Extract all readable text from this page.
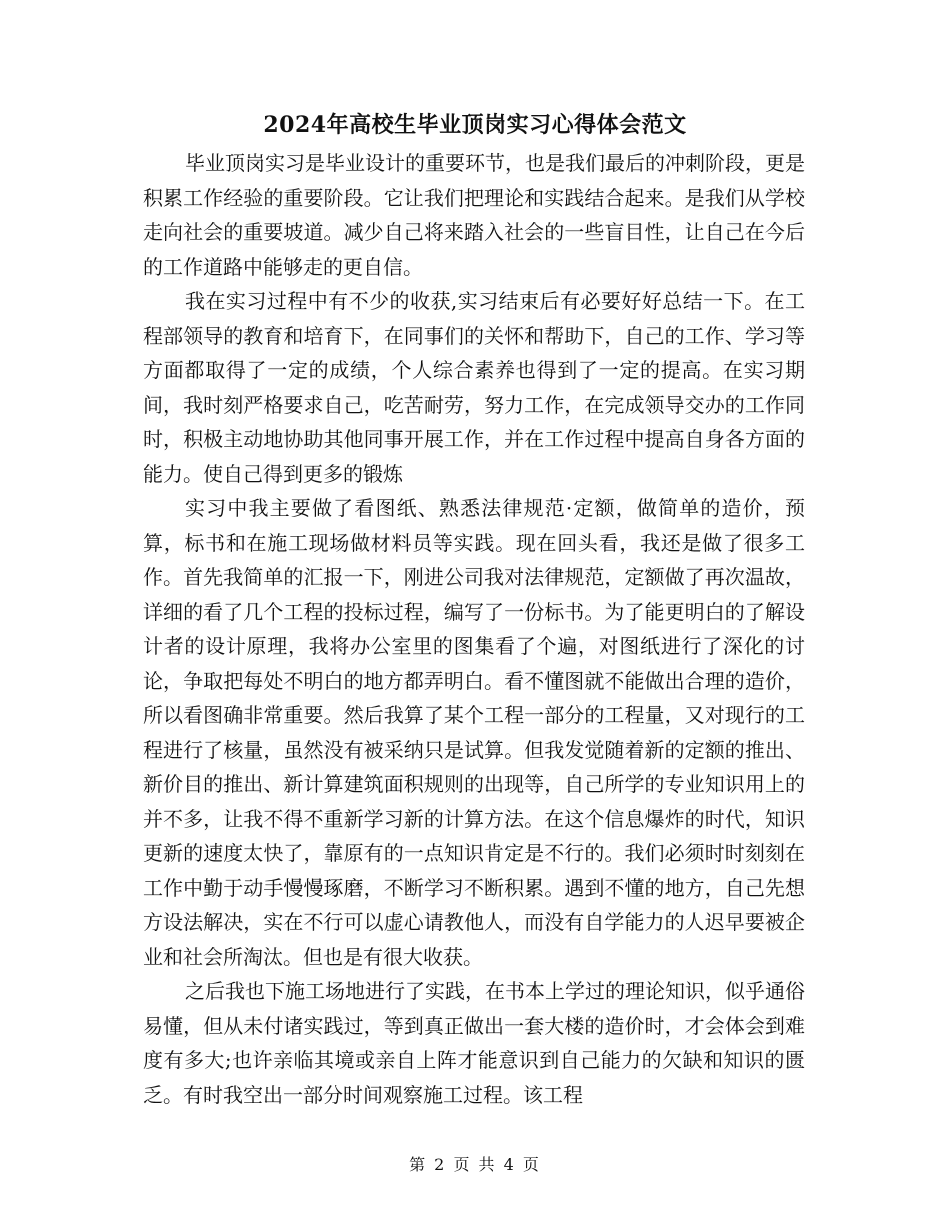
2024年高校生毕业顶岗实习心得体会范文

毕业顶岗实习是毕业设计的重要环节，也是我们最后的冲刺阶段，更是积累工作经验的重要阶段。它让我们把理论和实践结合起来。是我们从学校走向社会的重要坡道。减少自己将来踏入社会的一些盲目性，让自己在今后的工作道路中能够走的更自信。

我在实习过程中有不少的收获,实习结束后有必要好好总结一下。在工程部领导的教育和培育下，在同事们的关怀和帮助下，自己的工作、学习等方面都取得了一定的成绩，个人综合素养也得到了一定的提高。在实习期间，我时刻严格要求自己，吃苦耐劳，努力工作，在完成领导交办的工作同时，积极主动地协助其他同事开展工作，并在工作过程中提高自身各方面的能力。使自己得到更多的锻炼

实习中我主要做了看图纸、熟悉法律规范·定额，做简单的造价，预算，标书和在施工现场做材料员等实践。现在回头看，我还是做了很多工作。首先我简单的汇报一下，刚进公司我对法律规范，定额做了再次温故，详细的看了几个工程的投标过程，编写了一份标书。为了能更明白的了解设计者的设计原理，我将办公室里的图集看了个遍，对图纸进行了深化的讨论，争取把每处不明白的地方都弄明白。看不懂图就不能做出合理的造价，所以看图确非常重要。然后我算了某个工程一部分的工程量，又对现行的工程进行了核量，虽然没有被采纳只是试算。但我发觉随着新的定额的推出、新价目的推出、新计算建筑面积规则的出现等，自己所学的专业知识用上的并不多，让我不得不重新学习新的计算方法。在这个信息爆炸的时代，知识更新的速度太快了，靠原有的一点知识肯定是不行的。我们必须时时刻刻在工作中勤于动手慢慢琢磨，不断学习不断积累。遇到不懂的地方，自己先想方设法解决，实在不行可以虚心请教他人，而没有自学能力的人迟早要被企业和社会所淘汰。但也是有很大收获。

之后我也下施工场地进行了实践，在书本上学过的理论知识，似乎通俗易懂，但从未付诸实践过，等到真正做出一套大楼的造价时，才会体会到难度有多大;也许亲临其境或亲自上阵才能意识到自己能力的欠缺和知识的匮乏。有时我空出一部分时间观察施工过程。该工程

第 2 页 共 4 页
